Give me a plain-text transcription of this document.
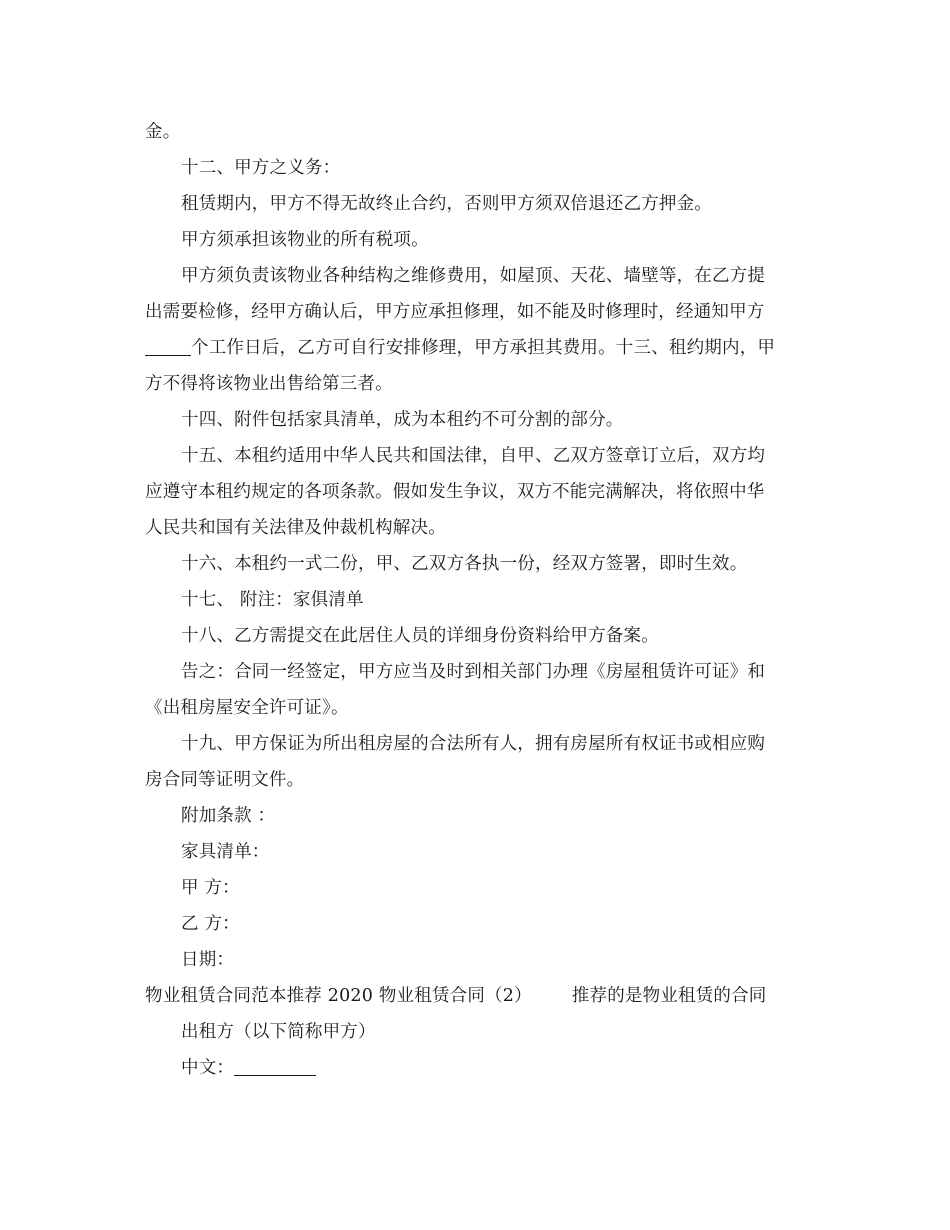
金。
十二、甲方之义务：
租赁期内，甲方不得无故终止合约，否则甲方须双倍退还乙方押金。
甲方须承担该物业的所有税项。
甲方须负责该物业各种结构之维修费用，如屋顶、天花、墙壁等，在乙方提
出需要检修，经甲方确认后，甲方应承担修理，如不能及时修理时，经通知甲方
个工作日后，乙方可自行安排修理，甲方承担其费用。十三、租约期内，甲
方不得将该物业出售给第三者。
十四、附件包括家具清单，成为本租约不可分割的部分。
十五、本租约适用中华人民共和国法律，自甲、乙双方签章订立后，双方均
应遵守本租约规定的各项条款。假如发生争议，双方不能完满解决，将依照中华
人民共和国有关法律及仲裁机构解决。
十六、本租约一式二份，甲、乙双方各执一份，经双方签署，即时生效。
十七、 附注：家俱清单
十八、乙方需提交在此居住人员的详细身份资料给甲方备案。
告之：合同一经签定，甲方应当及时到相关部门办理《房屋租赁许可证》和
《出租房屋安全许可证》。
十九、甲方保证为所出租房屋的合法所有人，拥有房屋所有权证书或相应购
房合同等证明文件。
附加条款 ：
家具清单：
甲 方：
乙 方：
日期：
物业租赁合同范本推荐 2020 物业租赁合同（2） 推荐的是物业租赁的合同
出租方（以下简称甲方）
中文：
